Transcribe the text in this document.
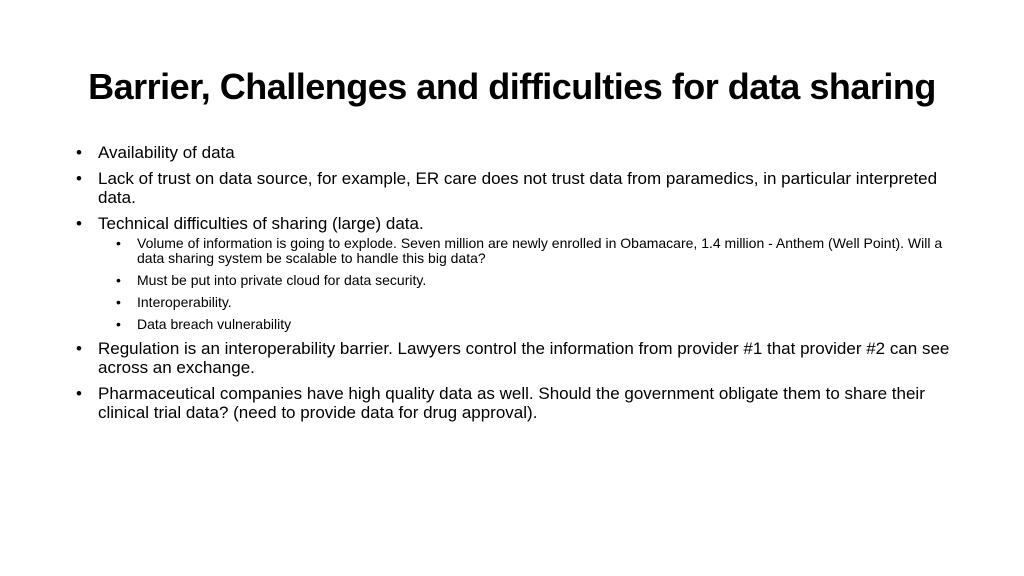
Barrier, Challenges and difficulties for data sharing
• Availability of data
• Lack of trust on data source, for example, ER care does not trust data from paramedics, in particular interpreted data.
• Technical difficulties of sharing (large) data.
• Volume of information is going to explode. Seven million are newly enrolled in Obamacare, 1.4 million - Anthem (Well Point). Will a data sharing system be scalable to handle this big data?
• Must be put into private cloud for data security.
• Interoperability.
• Data breach vulnerability
• Regulation is an interoperability barrier. Lawyers control the information from provider #1 that provider #2 can see across an exchange.
• Pharmaceutical companies have high quality data as well. Should the government obligate them to share their clinical trial data? (need to provide data for drug approval).
